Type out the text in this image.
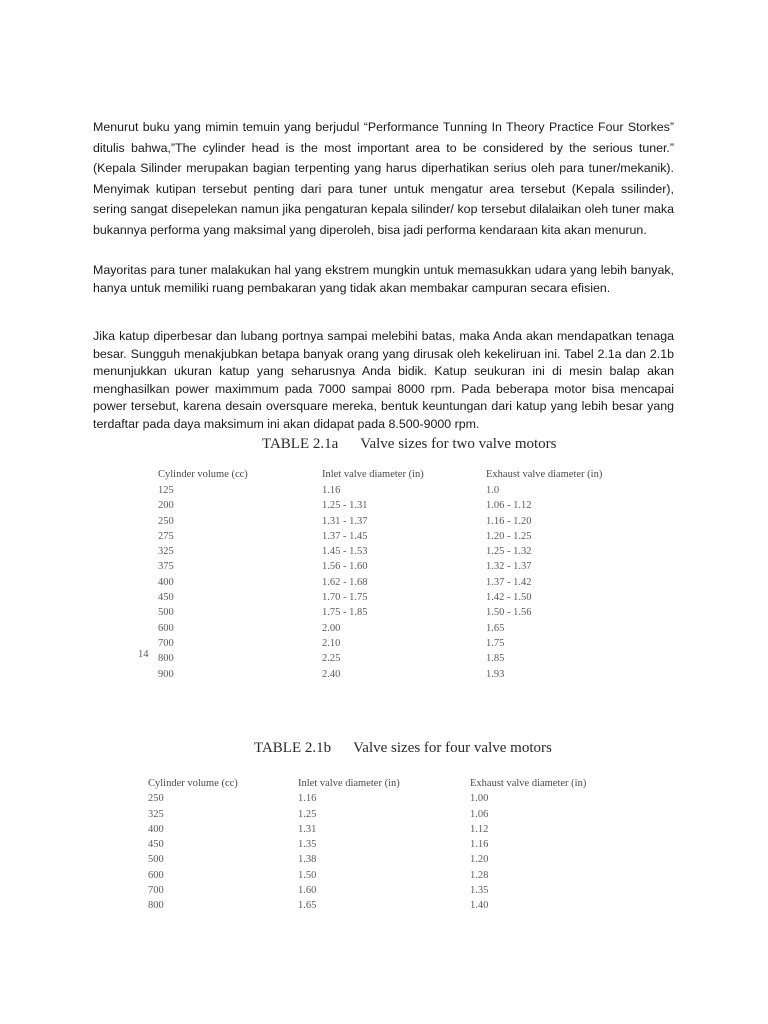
Menurut buku yang mimin temuin yang berjudul “Performance Tunning In Theory Practice Four Storkes” ditulis bahwa,”The cylinder head is the most important area to be considered by the serious tuner.” (Kepala Silinder merupakan bagian terpenting yang harus diperhatikan serius oleh para tuner/mekanik). Menyimak kutipan tersebut penting dari para tuner untuk mengatur area tersebut (Kepala ssilinder), sering sangat disepelekan namun jika pengaturan kepala silinder/ kop tersebut dilalaikan oleh tuner maka bukannya performa yang maksimal yang diperoleh, bisa jadi performa kendaraan kita akan menurun.

Mayoritas para tuner malakukan hal yang ekstrem mungkin untuk memasukkan udara yang lebih banyak, hanya untuk memiliki ruang pembakaran yang tidak akan membakar campuran secara efisien.

Jika katup diperbesar dan lubang portnya sampai melebihi batas, maka Anda akan mendapatkan tenaga besar. Sungguh menakjubkan betapa banyak orang yang dirusak oleh kekeliruan ini. Tabel 2.1a dan 2.1b menunjukkan ukuran katup yang seharusnya Anda bidik. Katup seukuran ini di mesin balap akan menghasilkan power maximmum pada 7000 sampai 8000 rpm. Pada beberapa motor bisa mencapai power tersebut, karena desain oversquare mereka, bentuk keuntungan dari katup yang lebih besar yang terdaftar pada daya maksimum ini akan didapat pada 8.500-9000 rpm.

TABLE 2.1a Valve sizes for two valve motors
Cylinder volume (cc)	Inlet valve diameter (in)	Exhaust valve diameter (in)
125	1.16	1.0
200	1.25 - 1.31	1.06 - 1.12
250	1.31 - 1.37	1.16 - 1.20
275	1.37 - 1.45	1.20 - 1.25
325	1.45 - 1.53	1.25 - 1.32
375	1.56 - 1.60	1.32 - 1.37
400	1.62 - 1.68	1.37 - 1.42
450	1.70 - 1.75	1.42 - 1.50
500	1.75 - 1.85	1.50 - 1.56
600	2.00	1.65
700	2.10	1.75
800	2.25	1.85
900	2.40	1.93
14
TABLE 2.1b Valve sizes for four valve motors
Cylinder volume (cc)	Inlet valve diameter (in)	Exhaust valve diameter (in)
250	1.16	1.00
325	1.25	1.06
400	1.31	1.12
450	1.35	1.16
500	1.38	1.20
600	1.50	1.28
700	1.60	1.35
800	1.65	1.40
